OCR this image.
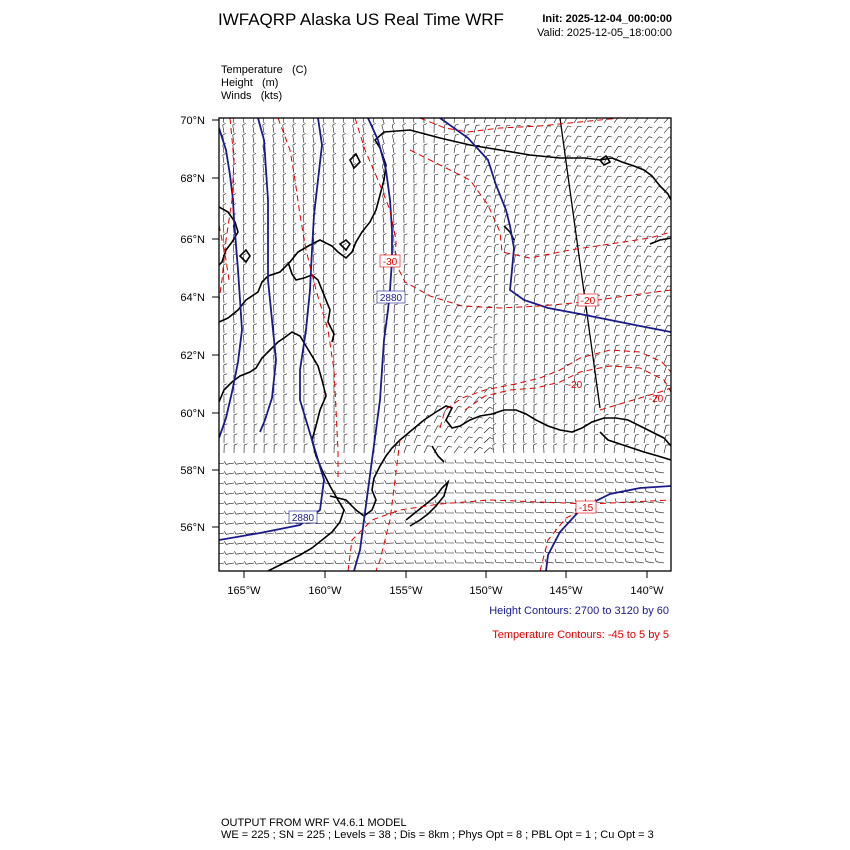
IWFAQRP Alaska US Real Time WRF	Init: 2025-12-04_00:00:00
Valid: 2025-12-05_18:00:00
Temperature (C)
Height (m)
Winds (kts)
2880
2880
-30
-20
-20
-20
-15
70°N
68°N
66°N
64°N
62°N
60°N
58°N
56°N
165°W	160°W	155°W	150°W	145°W	140°W
Height Contours: 2700 to 3120 by 60
Temperature Contours: -45 to 5 by 5
OUTPUT FROM WRF V4.6.1 MODEL
WE = 225 ; SN = 225 ; Levels = 38 ; Dis = 8km ; Phys Opt = 8 ; PBL Opt = 1 ; Cu Opt = 3
